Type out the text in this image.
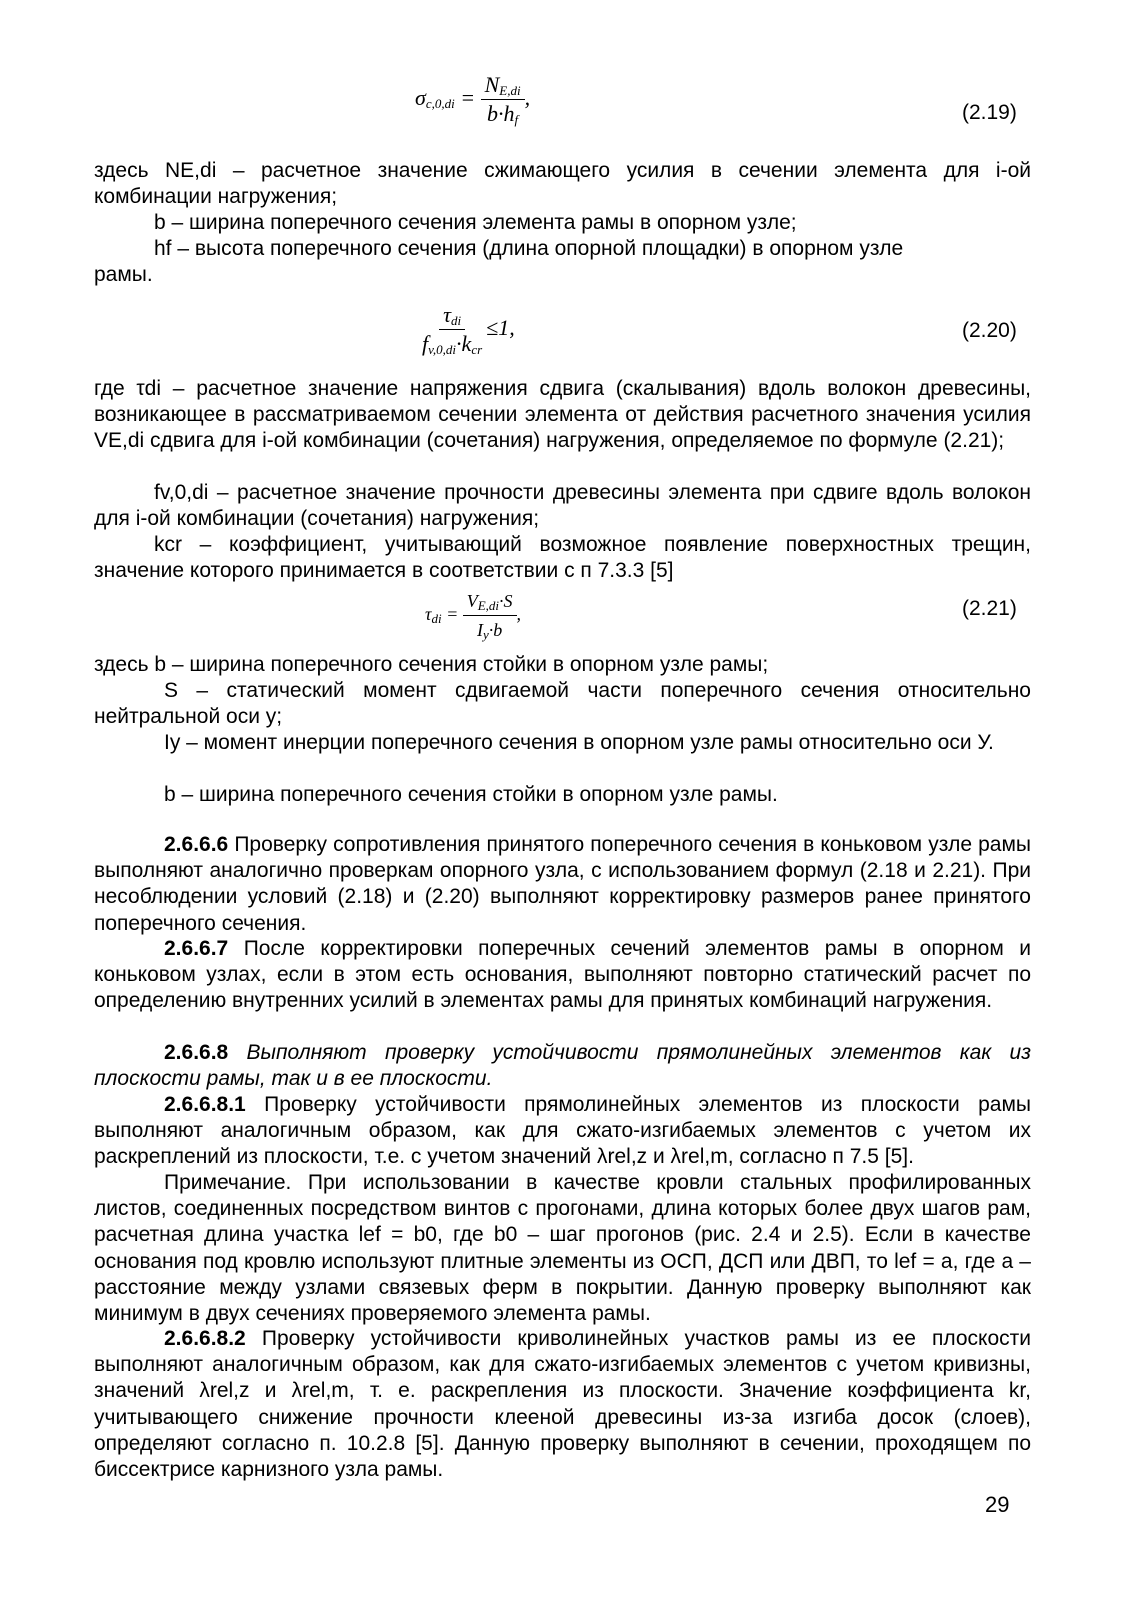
$\sigma_{c,0,di} = \frac{N_{E,di}}{b\cdot h_f}$ ,
(2.19)

здесь NE,di – расчетное значение сжимающего усилия в сечении элемента для i-ой комбинации нагружения;

b – ширина поперечного сечения элемента рамы в опорном узле;

hf – высота поперечного сечения (длина опорной площадки) в опорном узле

рамы.

$\frac{\tau_{di}}{f_{v,0,di}\cdot k_{cr}} \le 1$,	(2.20)

где τdi – расчетное значение напряжения сдвига (скалывания) вдоль волокон древесины, возникающее в рассматриваемом сечении элемента от действия расчетного значения усилия VE,di сдвига для i-ой комбинации (сочетания) нагружения, определяемое по формуле (2.21);

fv,0,di – расчетное значение прочности древесины элемента при сдвиге вдоль волокон для i-ой комбинации (сочетания) нагружения;

kcr – коэффициент, учитывающий возможное появление поверхностных трещин, значение которого принимается в соответствии с п 7.3.3 [5]

$\tau_{di} = \frac{V_{E,di}\cdot S}{I_y\cdot b}$ ,	(2.21)

здесь b – ширина поперечного сечения стойки в опорном узле рамы;

S – статический момент сдвигаемой части поперечного сечения относительно нейтральной оси y;

Iy – момент инерции поперечного сечения в опорном узле рамы относительно оси У.

b – ширина поперечного сечения стойки в опорном узле рамы.

2.6.6.6 Проверку сопротивления принятого поперечного сечения в коньковом узле рамы выполняют аналогично проверкам опорного узла, с использованием формул (2.18 и 2.21). При несоблюдении условий (2.18) и (2.20) выполняют корректировку размеров ранее принятого поперечного сечения.

2.6.6.7 После корректировки поперечных сечений элементов рамы в опорном и коньковом узлах, если в этом есть основания, выполняют повторно статический расчет по определению внутренних усилий в элементах рамы для принятых комбинаций нагружения.

2.6.6.8 Выполняют проверку устойчивости прямолинейных элементов как из плоскости рамы, так и в ее плоскости.

2.6.6.8.1 Проверку устойчивости прямолинейных элементов из плоскости рамы выполняют аналогичным образом, как для сжато-изгибаемых элементов с учетом их раскреплений из плоскости, т.е. с учетом значений λrel,z и λrel,m, согласно п 7.5 [5].

Примечание. При использовании в качестве кровли стальных профилированных листов, соединенных посредством винтов с прогонами, длина которых более двух шагов рам, расчетная длина участка lef = b0, где b0 – шаг прогонов (рис. 2.4 и 2.5). Если в качестве основания под кровлю используют плитные элементы из ОСП, ДСП или ДВП, то lef = a, где a – расстояние между узлами связевых ферм в покрытии. Данную проверку выполняют как минимум в двух сечениях проверяемого элемента рамы.

2.6.6.8.2 Проверку устойчивости криволинейных участков рамы из ее плоскости выполняют аналогичным образом, как для сжато-изгибаемых элементов с учетом кривизны, значений λrel,z и λrel,m, т. е. раскрепления из плоскости. Значение коэффициента kr, учитывающего снижение прочности клееной древесины из-за изгиба досок (слоев), определяют согласно п. 10.2.8 [5]. Данную проверку выполняют в сечении, проходящем по биссектрисе карнизного узла рамы.

29
